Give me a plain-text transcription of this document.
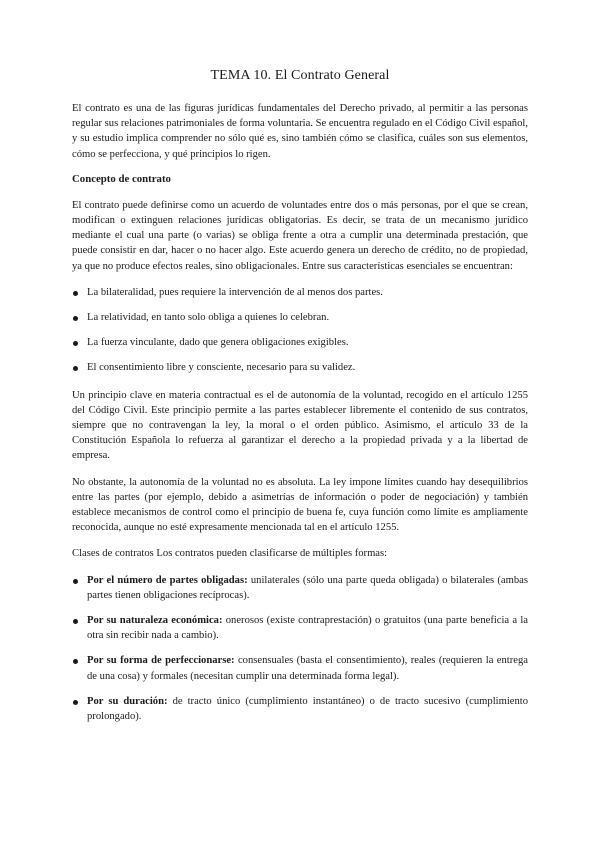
TEMA 10. El Contrato General

El contrato es una de las figuras jurídicas fundamentales del Derecho privado, al permitir a las personas regular sus relaciones patrimoniales de forma voluntaria. Se encuentra regulado en el Código Civil español, y su estudio implica comprender no sólo qué es, sino también cómo se clasifica, cuáles son sus elementos, cómo se perfecciona, y qué principios lo rigen.

Concepto de contrato

El contrato puede definirse como un acuerdo de voluntades entre dos o más personas, por el que se crean, modifican o extinguen relaciones jurídicas obligatorias. Es decir, se trata de un mecanismo jurídico mediante el cual una parte (o varias) se obliga frente a otra a cumplir una determinada prestación, que puede consistir en dar, hacer o no hacer algo. Este acuerdo genera un derecho de crédito, no de propiedad, ya que no produce efectos reales, sino obligacionales. Entre sus características esenciales se encuentran:

La bilateralidad, pues requiere la intervención de al menos dos partes.
La relatividad, en tanto solo obliga a quienes lo celebran.
La fuerza vinculante, dado que genera obligaciones exigibles.
El consentimiento libre y consciente, necesario para su validez.

Un principio clave en materia contractual es el de autonomía de la voluntad, recogido en el artículo 1255 del Código Civil. Este principio permite a las partes establecer libremente el contenido de sus contratos, siempre que no contravengan la ley, la moral o el orden público. Asimismo, el artículo 33 de la Constitución Española lo refuerza al garantizar el derecho a la propiedad privada y a la libertad de empresa.

No obstante, la autonomía de la voluntad no es absoluta. La ley impone límites cuando hay desequilibrios entre las partes (por ejemplo, debido a asimetrías de información o poder de negociación) y también establece mecanismos de control como el principio de buena fe, cuya función como límite es ampliamente reconocida, aunque no esté expresamente mencionada tal en el artículo 1255.

Clases de contratos Los contratos pueden clasificarse de múltiples formas:

Por el número de partes obligadas: unilaterales (sólo una parte queda obligada) o bilaterales (ambas partes tienen obligaciones recíprocas).
Por su naturaleza económica: onerosos (existe contraprestación) o gratuitos (una parte beneficia a la otra sin recibir nada a cambio).
Por su forma de perfeccionarse: consensuales (basta el consentimiento), reales (requieren la entrega de una cosa) y formales (necesitan cumplir una determinada forma legal).
Por su duración: de tracto único (cumplimiento instantáneo) o de tracto sucesivo (cumplimiento prolongado).
